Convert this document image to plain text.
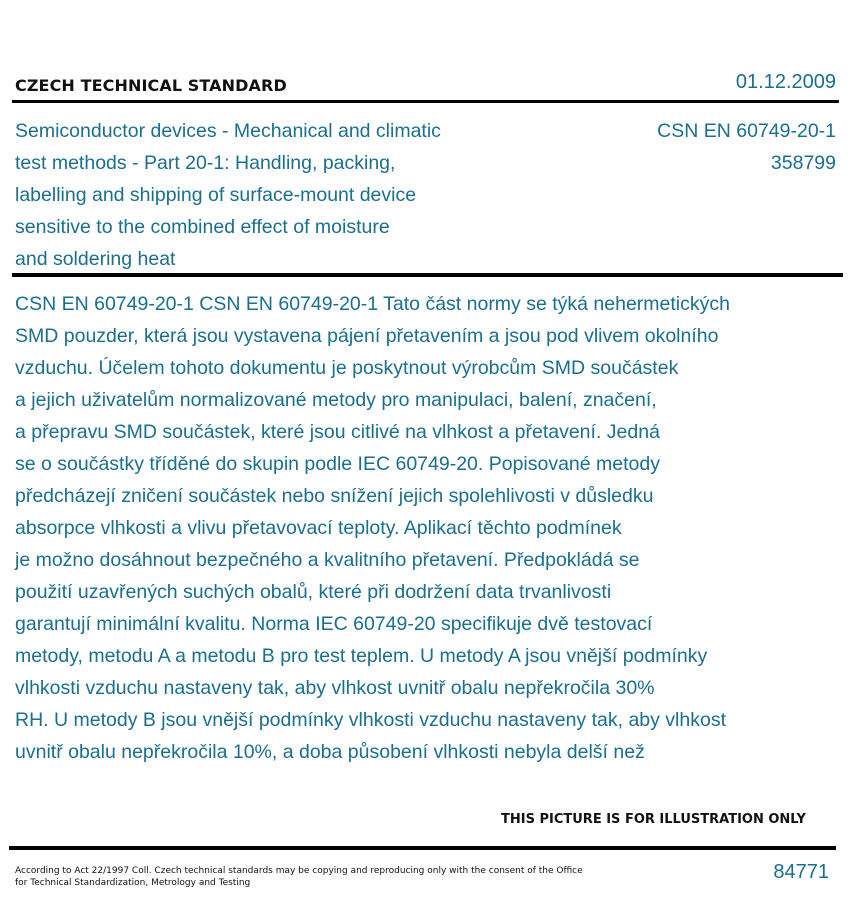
CZECH TECHNICAL STANDARD	01.12.2009
Semiconductor devices - Mechanical and climatic
test methods - Part 20-1: Handling, packing,
labelling and shipping of surface-mount device
sensitive to the combined effect of moisture
and soldering heat
CSN EN 60749-20-1
358799
CSN EN 60749-20-1 CSN EN 60749-20-1 Tato část normy se týká nehermetických
SMD pouzder, která jsou vystavena pájení přetavením a jsou pod vlivem okolního
vzduchu. Účelem tohoto dokumentu je poskytnout výrobcům SMD součástek
a jejich uživatelům normalizované metody pro manipulaci, balení, značení,
a přepravu SMD součástek, které jsou citlivé na vlhkost a přetavení. Jedná
se o součástky tříděné do skupin podle IEC 60749-20. Popisované metody
předcházejí zničení součástek nebo snížení jejich spolehlivosti v důsledku
absorpce vlhkosti a vlivu přetavovací teploty. Aplikací těchto podmínek
je možno dosáhnout bezpečného a kvalitního přetavení. Předpokládá se
použití uzavřených suchých obalů, které při dodržení data trvanlivosti
garantují minimální kvalitu. Norma IEC 60749-20 specifikuje dvě testovací
metody, metodu A a metodu B pro test teplem. U metody A jsou vnější podmínky
vlhkosti vzduchu nastaveny tak, aby vlhkost uvnitř obalu nepřekročila 30%
RH. U metody B jsou vnější podmínky vlhkosti vzduchu nastaveny tak, aby vlhkost
uvnitř obalu nepřekročila 10%, a doba působení vlhkosti nebyla delší než
THIS PICTURE IS FOR ILLUSTRATION ONLY
According to Act 22/1997 Coll. Czech technical standards may be copying and reproducing only with the consent of the Office
for Technical Standardization, Metrology and Testing	84771
